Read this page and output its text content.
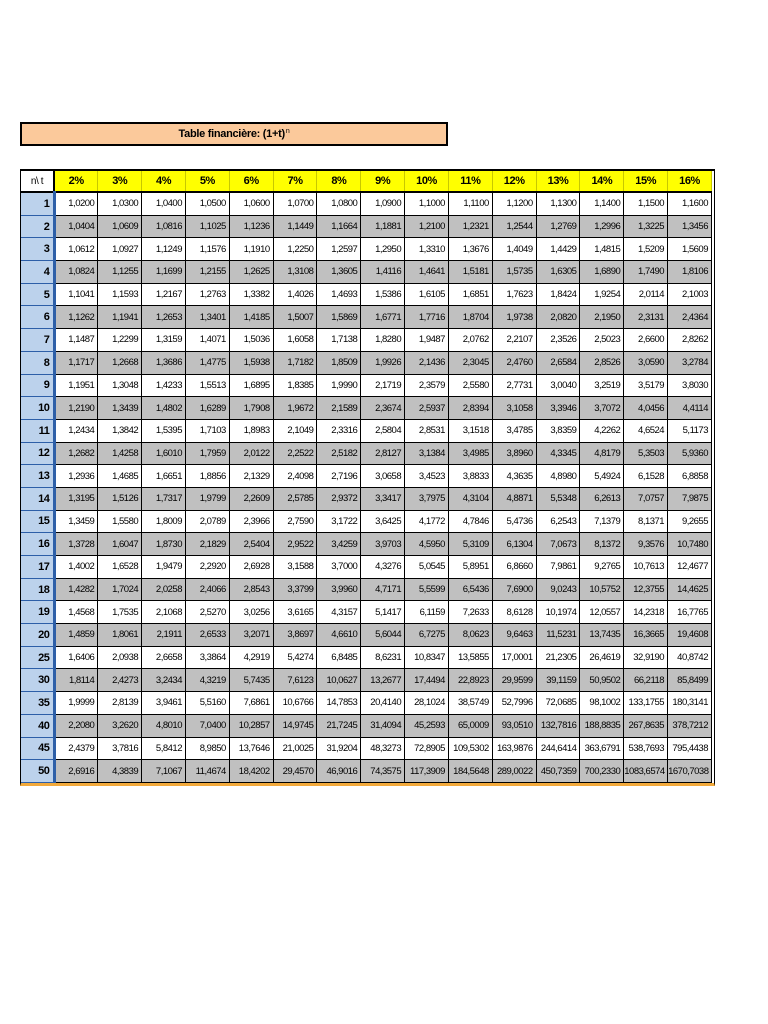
Table financière: $(1+t)^n$
n\ t	2%	3%	4%	5%	6%	7%	8%	9%	10%	11%	12%	13%	14%	15%	16%
1	1,0200	1,0300	1,0400	1,0500	1,0600	1,0700	1,0800	1,0900	1,1000	1,1100	1,1200	1,1300	1,1400	1,1500	1,1600
2	1,0404	1,0609	1,0816	1,1025	1,1236	1,1449	1,1664	1,1881	1,2100	1,2321	1,2544	1,2769	1,2996	1,3225	1,3456
3	1,0612	1,0927	1,1249	1,1576	1,1910	1,2250	1,2597	1,2950	1,3310	1,3676	1,4049	1,4429	1,4815	1,5209	1,5609
4	1,0824	1,1255	1,1699	1,2155	1,2625	1,3108	1,3605	1,4116	1,4641	1,5181	1,5735	1,6305	1,6890	1,7490	1,8106
5	1,1041	1,1593	1,2167	1,2763	1,3382	1,4026	1,4693	1,5386	1,6105	1,6851	1,7623	1,8424	1,9254	2,0114	2,1003
6	1,1262	1,1941	1,2653	1,3401	1,4185	1,5007	1,5869	1,6771	1,7716	1,8704	1,9738	2,0820	2,1950	2,3131	2,4364
7	1,1487	1,2299	1,3159	1,4071	1,5036	1,6058	1,7138	1,8280	1,9487	2,0762	2,2107	2,3526	2,5023	2,6600	2,8262
8	1,1717	1,2668	1,3686	1,4775	1,5938	1,7182	1,8509	1,9926	2,1436	2,3045	2,4760	2,6584	2,8526	3,0590	3,2784
9	1,1951	1,3048	1,4233	1,5513	1,6895	1,8385	1,9990	2,1719	2,3579	2,5580	2,7731	3,0040	3,2519	3,5179	3,8030
10	1,2190	1,3439	1,4802	1,6289	1,7908	1,9672	2,1589	2,3674	2,5937	2,8394	3,1058	3,3946	3,7072	4,0456	4,4114
11	1,2434	1,3842	1,5395	1,7103	1,8983	2,1049	2,3316	2,5804	2,8531	3,1518	3,4785	3,8359	4,2262	4,6524	5,1173
12	1,2682	1,4258	1,6010	1,7959	2,0122	2,2522	2,5182	2,8127	3,1384	3,4985	3,8960	4,3345	4,8179	5,3503	5,9360
13	1,2936	1,4685	1,6651	1,8856	2,1329	2,4098	2,7196	3,0658	3,4523	3,8833	4,3635	4,8980	5,4924	6,1528	6,8858
14	1,3195	1,5126	1,7317	1,9799	2,2609	2,5785	2,9372	3,3417	3,7975	4,3104	4,8871	5,5348	6,2613	7,0757	7,9875
15	1,3459	1,5580	1,8009	2,0789	2,3966	2,7590	3,1722	3,6425	4,1772	4,7846	5,4736	6,2543	7,1379	8,1371	9,2655
16	1,3728	1,6047	1,8730	2,1829	2,5404	2,9522	3,4259	3,9703	4,5950	5,3109	6,1304	7,0673	8,1372	9,3576	10,7480
17	1,4002	1,6528	1,9479	2,2920	2,6928	3,1588	3,7000	4,3276	5,0545	5,8951	6,8660	7,9861	9,2765	10,7613	12,4677
18	1,4282	1,7024	2,0258	2,4066	2,8543	3,3799	3,9960	4,7171	5,5599	6,5436	7,6900	9,0243	10,5752	12,3755	14,4625
19	1,4568	1,7535	2,1068	2,5270	3,0256	3,6165	4,3157	5,1417	6,1159	7,2633	8,6128	10,1974	12,0557	14,2318	16,7765
20	1,4859	1,8061	2,1911	2,6533	3,2071	3,8697	4,6610	5,6044	6,7275	8,0623	9,6463	11,5231	13,7435	16,3665	19,4608
25	1,6406	2,0938	2,6658	3,3864	4,2919	5,4274	6,8485	8,6231	10,8347	13,5855	17,0001	21,2305	26,4619	32,9190	40,8742
30	1,8114	2,4273	3,2434	4,3219	5,7435	7,6123	10,0627	13,2677	17,4494	22,8923	29,9599	39,1159	50,9502	66,2118	85,8499
35	1,9999	2,8139	3,9461	5,5160	7,6861	10,6766	14,7853	20,4140	28,1024	38,5749	52,7996	72,0685	98,1002	133,1755	180,3141
40	2,2080	3,2620	4,8010	7,0400	10,2857	14,9745	21,7245	31,4094	45,2593	65,0009	93,0510	132,7816	188,8835	267,8635	378,7212
45	2,4379	3,7816	5,8412	8,9850	13,7646	21,0025	31,9204	48,3273	72,8905	109,5302	163,9876	244,6414	363,6791	538,7693	795,4438
50	2,6916	4,3839	7,1067	11,4674	18,4202	29,4570	46,9016	74,3575	117,3909	184,5648	289,0022	450,7359	700,2330	1083,6574	1670,7038
